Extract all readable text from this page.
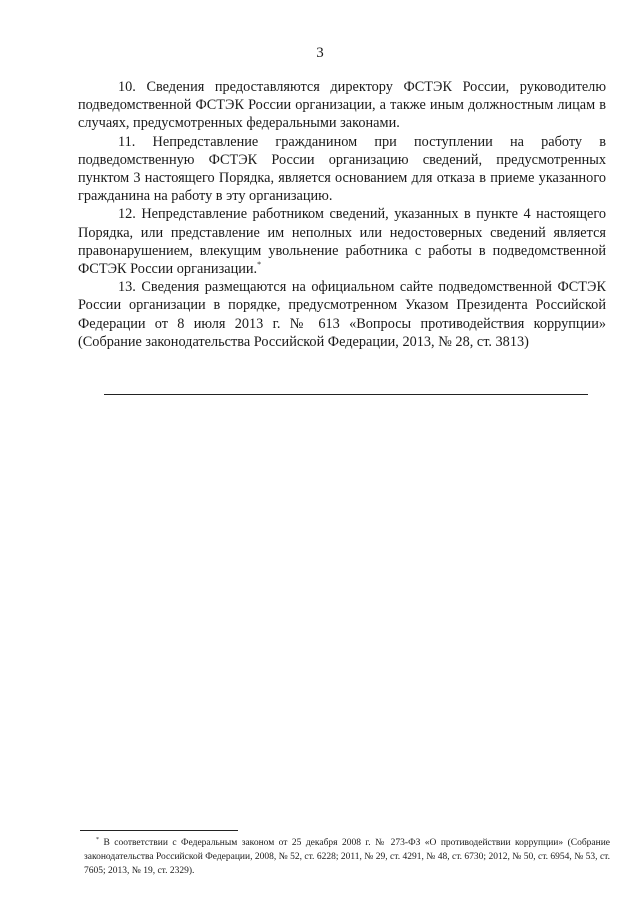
3

10. Сведения предоставляются директору ФСТЭК России, руководителю подведомственной ФСТЭК России организации, а также иным должностным лицам в случаях, предусмотренных федеральными законами.

11. Непредставление гражданином при поступлении на работу в подведомственную ФСТЭК России организацию сведений, предусмотренных пунктом 3 настоящего Порядка, является основанием для отказа в приеме указанного гражданина на работу в эту организацию.

12. Непредставление работником сведений, указанных в пункте 4 настоящего Порядка, или представление им неполных или недостоверных сведений является правонарушением, влекущим увольнение работника с работы в подведомственной ФСТЭК России организации.*

13. Сведения размещаются на официальном сайте подведомственной ФСТЭК России организации в порядке, предусмотренном Указом Президента Российской Федерации от 8 июля 2013 г. № 613 «Вопросы противодействия коррупции» (Собрание законодательства Российской Федерации, 2013, № 28, ст. 3813)

* В соответствии с Федеральным законом от 25 декабря 2008 г. № 273-ФЗ «О противодействии коррупции» (Собрание законодательства Российской Федерации, 2008, № 52, ст. 6228; 2011, № 29, ст. 4291, № 48, ст. 6730; 2012, № 50, ст. 6954, № 53, ст. 7605; 2013, № 19, ст. 2329).
